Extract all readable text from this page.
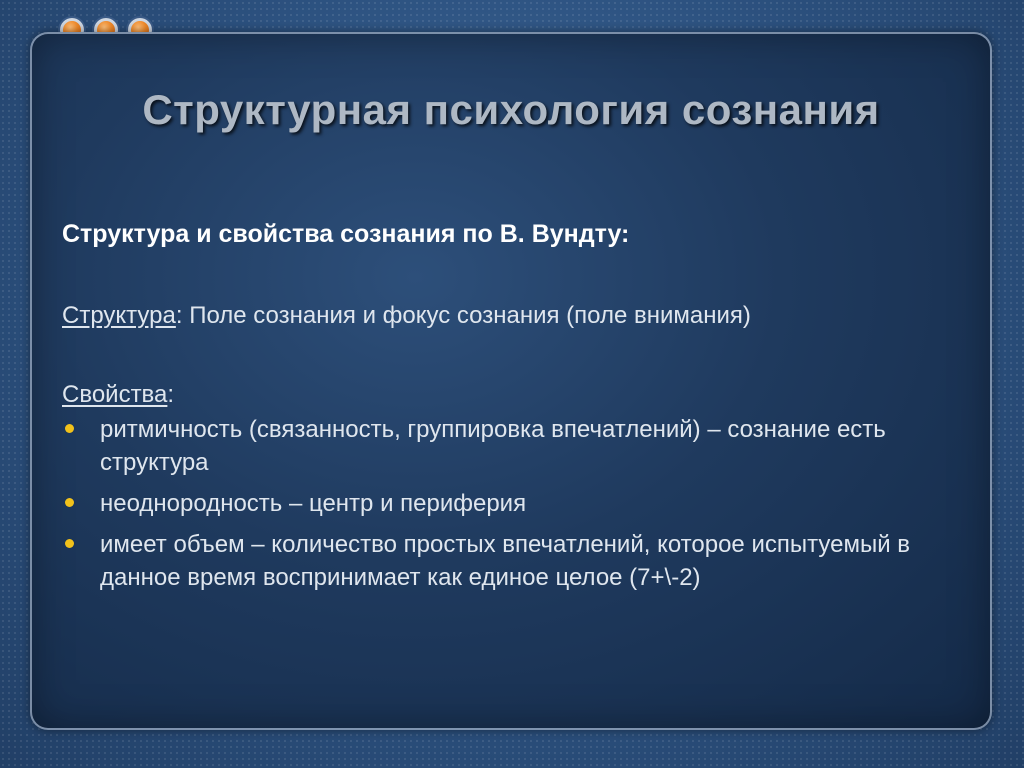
Структурная психология сознания

Структура и свойства сознания по В. Вундту:

Структура: Поле сознания и фокус сознания (поле внимания)

Свойства:

ритмичность (связанность, группировка впечатлений) – сознание есть структура
неоднородность – центр и периферия
имеет объем – количество простых впечатлений, которое испытуемый в данное время воспринимает как единое целое (7+\-2)
